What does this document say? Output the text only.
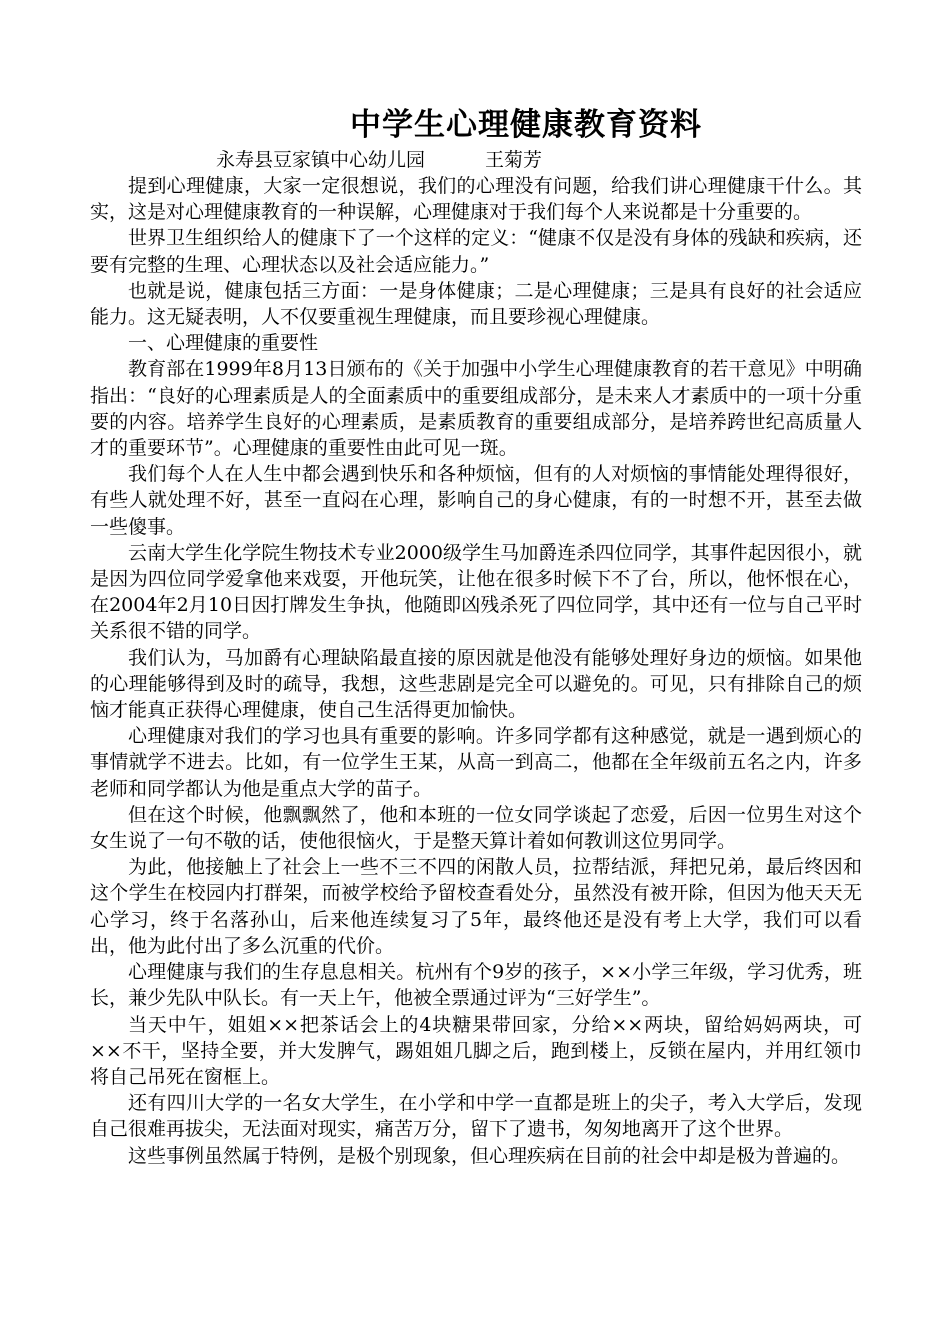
中学生心理健康教育资料
永寿县豆家镇中心幼儿园	王菊芳

提到心理健康，大家一定很想说，我们的心理没有问题，给我们讲心理健康干什么。其实，这是对心理健康教育的一种误解，心理健康对于我们每个人来说都是十分重要的。

世界卫生组织给人的健康下了一个这样的定义：“健康不仅是没有身体的残缺和疾病，还要有完整的生理、心理状态以及社会适应能力。”

也就是说，健康包括三方面：一是身体健康；二是心理健康；三是具有良好的社会适应能力。这无疑表明，人不仅要重视生理健康，而且要珍视心理健康。

一、心理健康的重要性

教育部在1999年8月13日颁布的《关于加强中小学生心理健康教育的若干意见》中明确指出：“良好的心理素质是人的全面素质中的重要组成部分，是未来人才素质中的一项十分重要的内容。培养学生良好的心理素质，是素质教育的重要组成部分，是培养跨世纪高质量人才的重要环节”。心理健康的重要性由此可见一斑。

我们每个人在人生中都会遇到快乐和各种烦恼，但有的人对烦恼的事情能处理得很好，有些人就处理不好，甚至一直闷在心理，影响自己的身心健康，有的一时想不开，甚至去做一些傻事。

云南大学生化学院生物技术专业2000级学生马加爵连杀四位同学，其事件起因很小，就是因为四位同学爱拿他来戏耍，开他玩笑，让他在很多时候下不了台，所以，他怀恨在心，在2004年2月10日因打牌发生争执，他随即凶残杀死了四位同学，其中还有一位与自己平时关系很不错的同学。

我们认为，马加爵有心理缺陷最直接的原因就是他没有能够处理好身边的烦恼。如果他的心理能够得到及时的疏导，我想，这些悲剧是完全可以避免的。可见，只有排除自己的烦恼才能真正获得心理健康，使自己生活得更加愉快。

心理健康对我们的学习也具有重要的影响。许多同学都有这种感觉，就是一遇到烦心的事情就学不进去。比如，有一位学生王某，从高一到高二，他都在全年级前五名之内，许多老师和同学都认为他是重点大学的苗子。

但在这个时候，他飘飘然了，他和本班的一位女同学谈起了恋爱，后因一位男生对这个女生说了一句不敬的话，使他很恼火，于是整天算计着如何教训这位男同学。

为此，他接触上了社会上一些不三不四的闲散人员，拉帮结派，拜把兄弟，最后终因和这个学生在校园内打群架，而被学校给予留校查看处分，虽然没有被开除，但因为他天天无心学习，终于名落孙山，后来他连续复习了5年，最终他还是没有考上大学，我们可以看出，他为此付出了多么沉重的代价。

心理健康与我们的生存息息相关。杭州有个9岁的孩子，××小学三年级，学习优秀，班长，兼少先队中队长。有一天上午，他被全票通过评为“三好学生”。

当天中午，姐姐××把茶话会上的4块糖果带回家，分给××两块，留给妈妈两块，可××不干，坚持全要，并大发脾气，踢姐姐几脚之后，跑到楼上，反锁在屋内，并用红领巾将自己吊死在窗框上。

还有四川大学的一名女大学生，在小学和中学一直都是班上的尖子，考入大学后，发现自己很难再拔尖，无法面对现实，痛苦万分，留下了遗书，匆匆地离开了这个世界。

这些事例虽然属于特例，是极个别现象，但心理疾病在目前的社会中却是极为普遍的。
